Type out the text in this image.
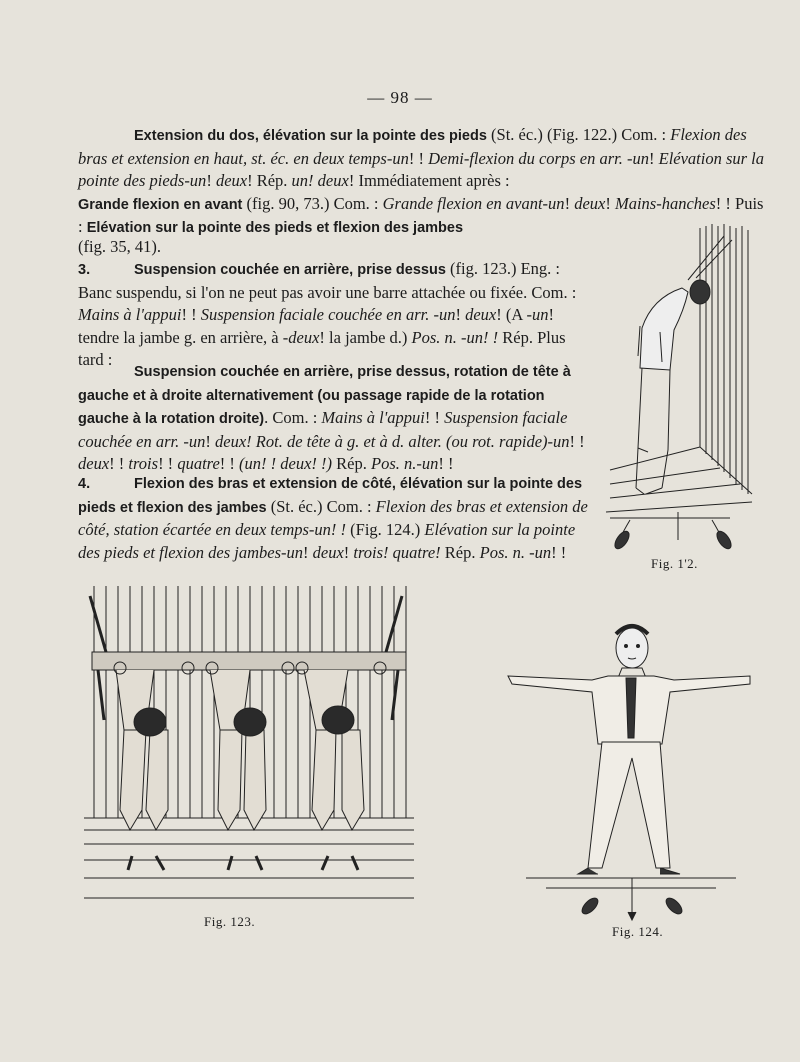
— 98 —
Extension du dos, élévation sur la pointe des pieds (St. éc.) (Fig. 122.) Com. : Flexion des bras et extension en haut, st. éc. en deux temps-un! ! Demi-flexion du corps en arr. -un! Elévation sur la pointe des pieds-un! deux! Rép. un! deux! Immédiatement après :
Grande flexion en avant (fig. 90, 73.) Com. : Grande flexion en avant-un! deux! Mains-hanches! ! Puis : Elévation sur la pointe des pieds et flexion des jambes
(fig. 35, 41).
3.	Suspension couchée en arrière, prise dessus (fig. 123.) Eng. : Banc suspendu, si l'on ne peut pas avoir une barre attachée ou fixée. Com. : Mains à l'appui! ! Suspension faciale couchée en arr. -un! deux! (A -un! tendre la jambe g. en arrière, à -deux! la jambe d.) Pos. n. -un! ! Rép. Plus tard :
Suspension couchée en arrière, prise dessus, rotation de tête à gauche et à droite alternativement (ou passage rapide de la rotation gauche à la rotation droite). Com. : Mains à l'appui! ! Suspension faciale couchée en arr. -un! deux! Rot. de tête à g. et à d. alter. (ou rot. rapide)-un! ! deux! ! trois! ! quatre! ! (un! ! deux! !) Rép. Pos. n.-un! !
4.	Flexion des bras et extension de côté, élévation sur la pointe des pieds et flexion des jambes (St. éc.) Com. : Flexion des bras et extension de côté, station écartée en deux temps-un! ! (Fig. 124.) Elévation sur la pointe des pieds et flexion des jambes-un! deux! trois! quatre! Rép. Pos. n. -un! !
Fig. 1'2.
Fig. 123.
Fig. 124.
